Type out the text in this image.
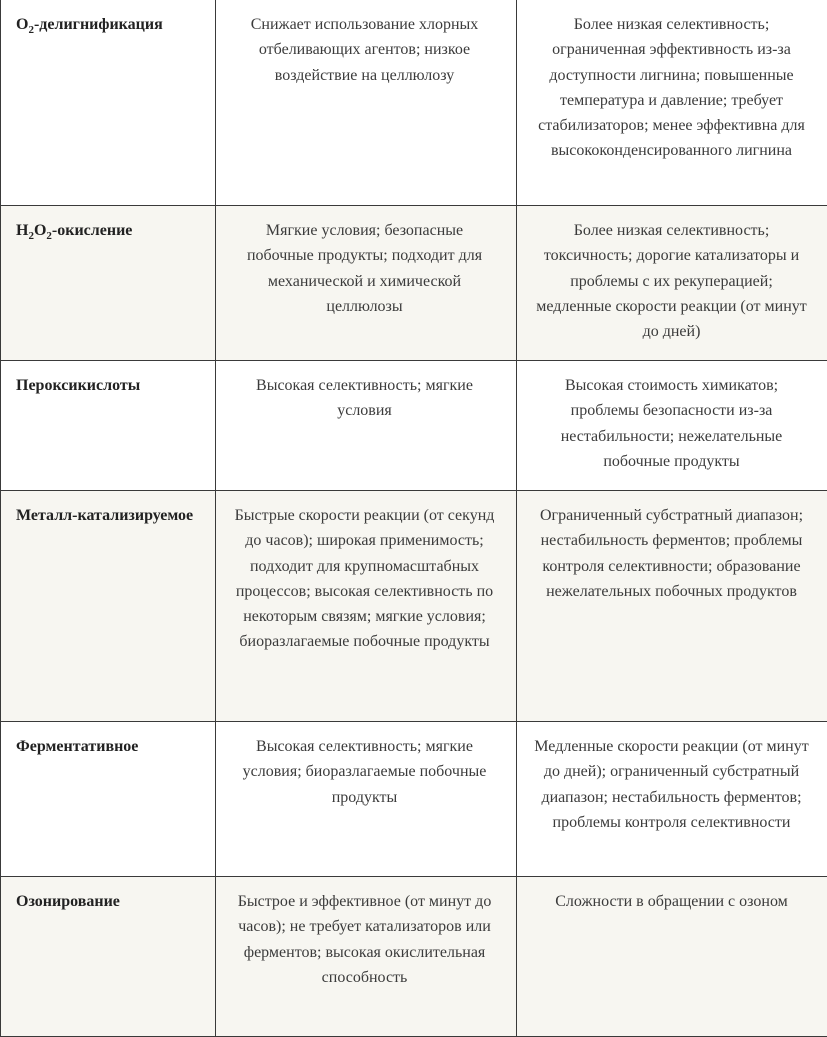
$O_2$-делигнификация	Снижает использование хлорных отбеливающих агентов; низкое воздействие на целлюлозу	Более низкая селективность; ограниченная эффективность из-за доступности лигнина; повышенные температура и давление; требует стабилизаторов; менее эффективна для высококонденсированного лигнина
$H_2O_2$-окисление	Мягкие условия; безопасные побочные продукты; подходит для механической и химической целлюлозы	Более низкая селективность; токсичность; дорогие катализаторы и проблемы с их рекуперацией; медленные скорости реакции (от минут до дней)
Пероксикислоты	Высокая селективность; мягкие условия	Высокая стоимость химикатов; проблемы безопасности из-за нестабильности; нежелательные побочные продукты
Металл-катализируемое	Быстрые скорости реакции (от секунд до часов); широкая применимость; подходит для крупномасштабных процессов; высокая селективность по некоторым связям; мягкие условия; биоразлагаемые побочные продукты	Ограниченный субстратный диапазон; нестабильность ферментов; проблемы контроля селективности; образование нежелательных побочных продуктов
Ферментативное	Высокая селективность; мягкие условия; биоразлагаемые побочные продукты	Медленные скорости реакции (от минут до дней); ограниченный субстратный диапазон; нестабильность ферментов; проблемы контроля селективности
Озонирование	Быстрое и эффективное (от минут до часов); не требует катализаторов или ферментов; высокая окислительная способность	Сложности в обращении с озоном
